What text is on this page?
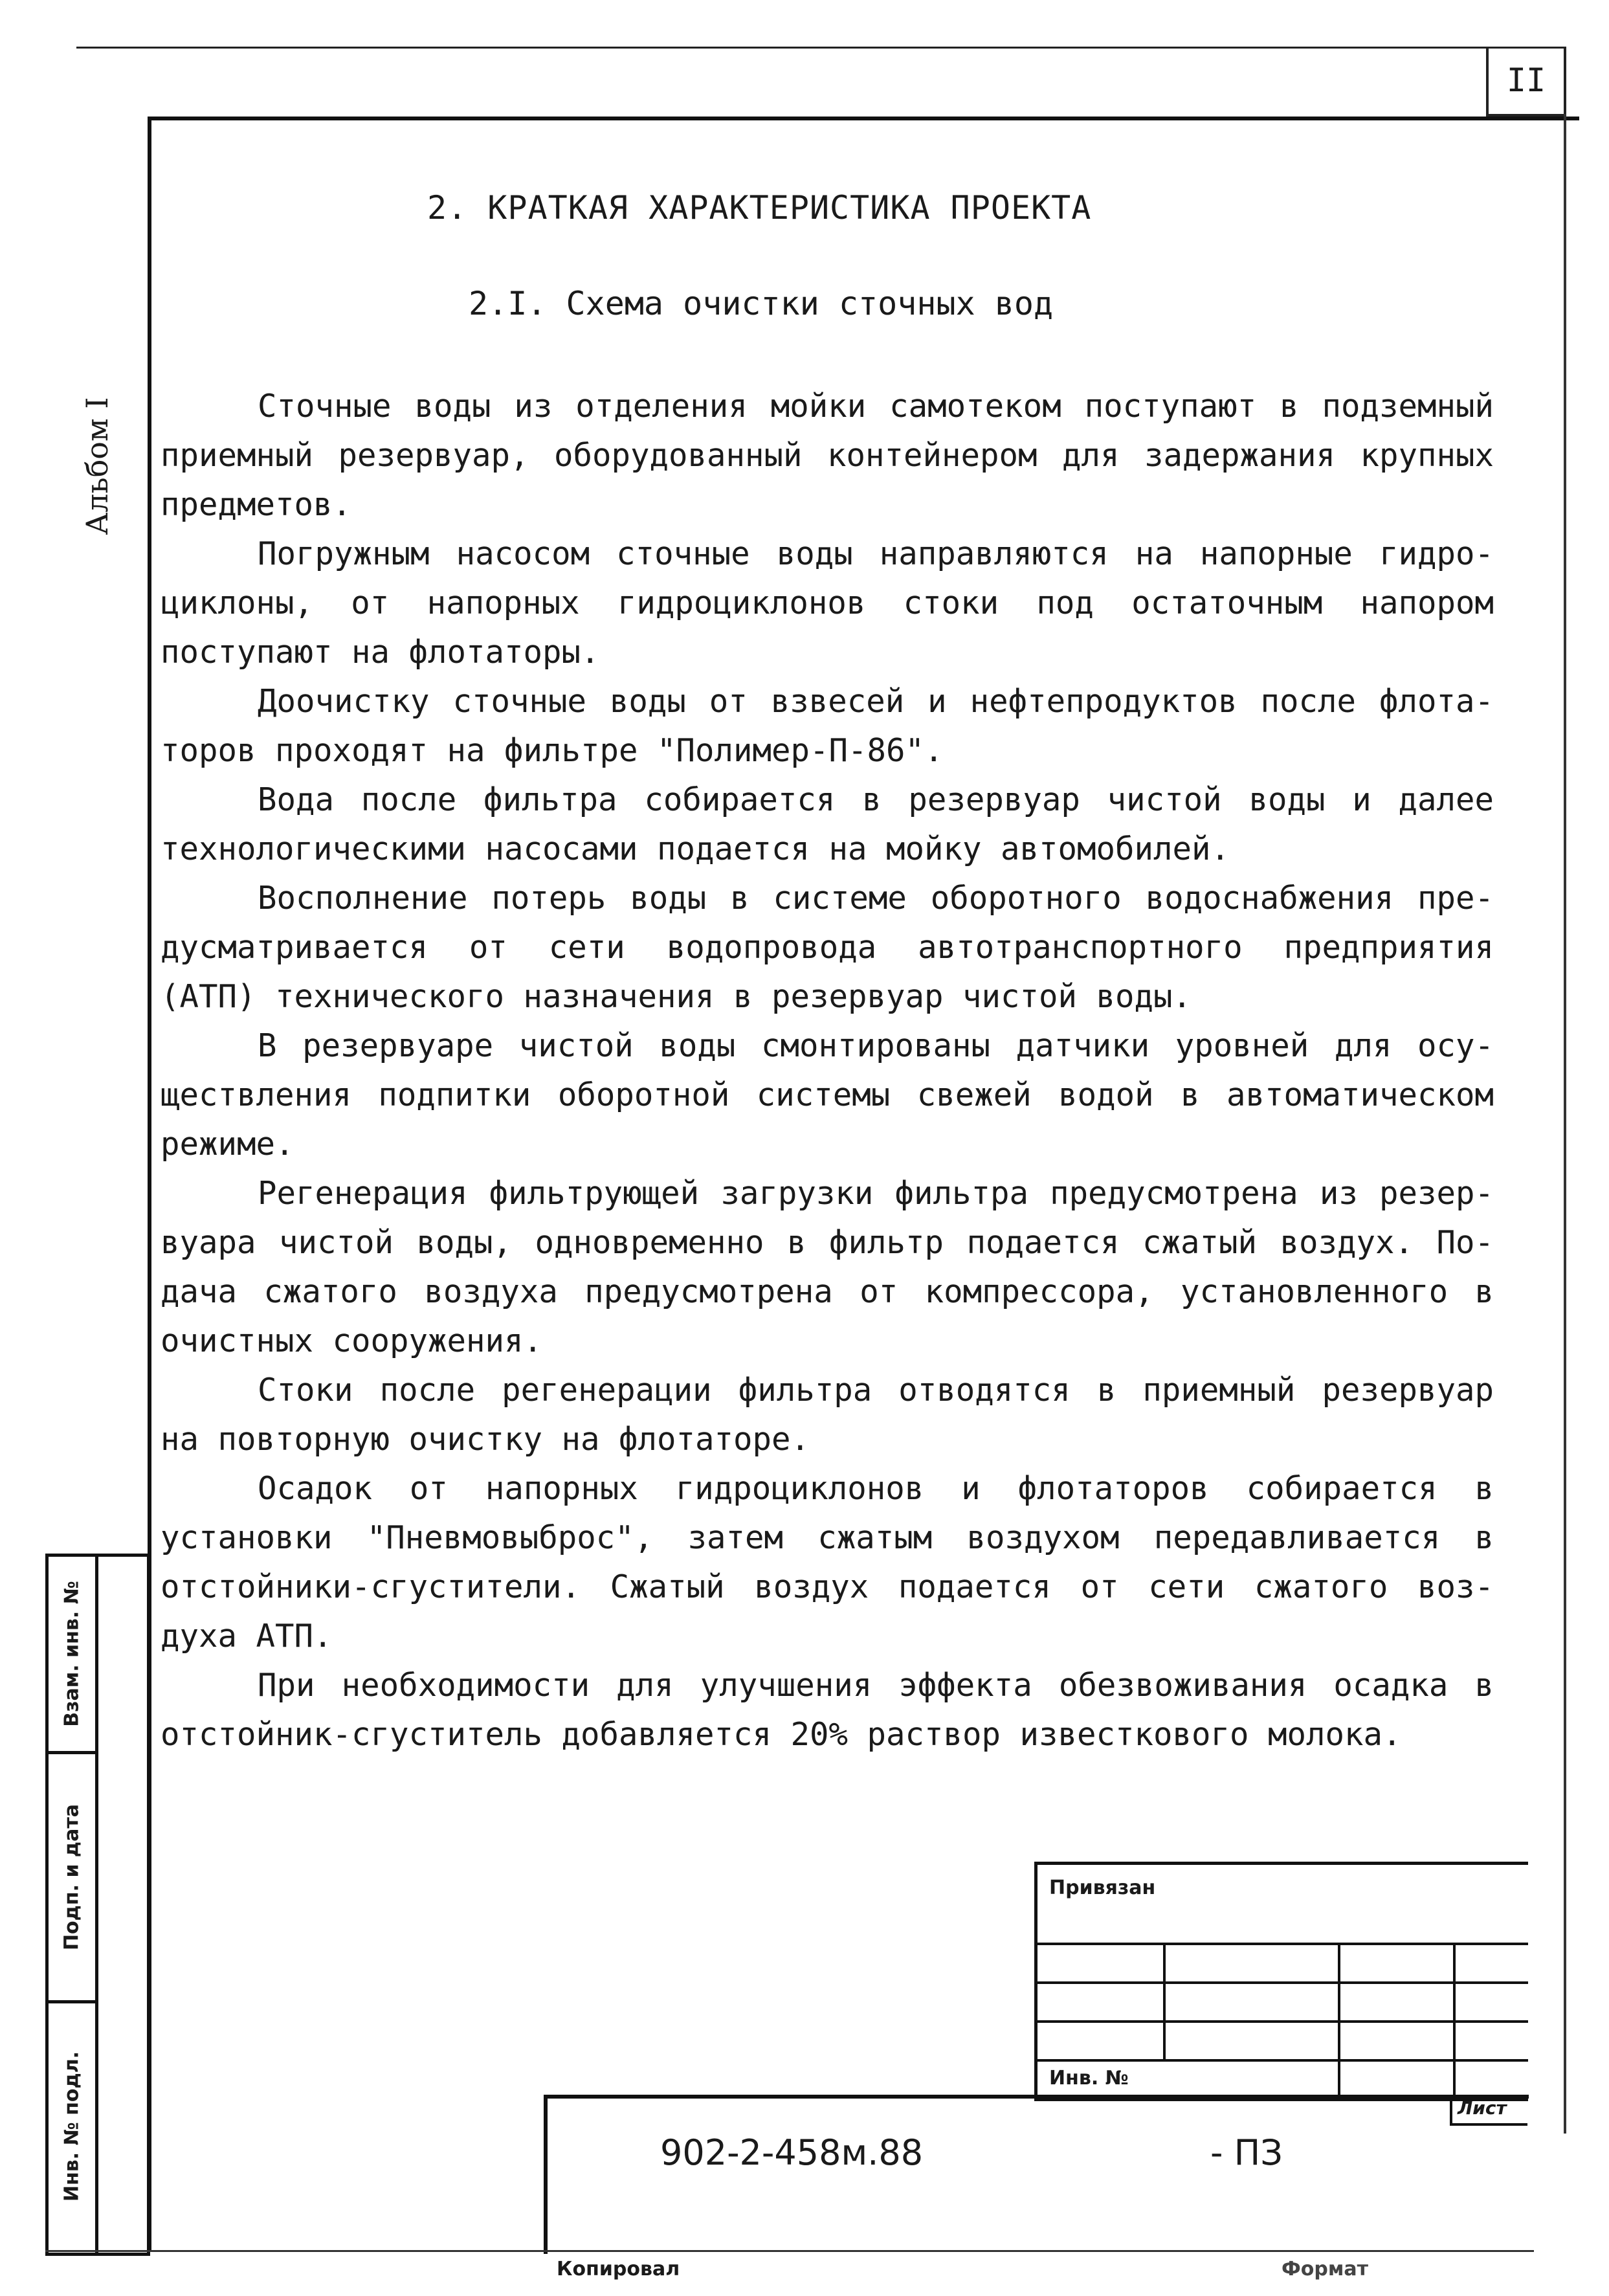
II
Альбом I
Взам. инв. №
Подп. и дата
Инв. № подл.
2. КРАТКАЯ ХАРАКТЕРИСТИКА ПРОЕКТА
2.I. Схема очистки сточных вод

Сточные воды из отделения мойки самотеком поступают в подземный приемный резервуар, оборудованный контейнером для задержания крупных предметов.

Погружным насосом сточные воды направляются на напорные гидро-циклоны, от напорных гидроциклонов стоки под остаточным напором поступают на флотаторы.

Доочистку сточные воды от взвесей и нефтепродуктов после флота-торов проходят на фильтре "Полимер-П-86".

Вода после фильтра собирается в резервуар чистой воды и далее технологическими насосами подается на мойку автомобилей.

Восполнение потерь воды в системе оборотного водоснабжения пре-дусматривается от сети водопровода автотранспортного предприятия (АТП) технического назначения в резервуар чистой воды.

В резервуаре чистой воды смонтированы датчики уровней для осу-ществления подпитки оборотной системы свежей водой в автоматическом режиме.

Регенерация фильтрующей загрузки фильтра предусмотрена из резер-вуара чистой воды, одновременно в фильтр подается сжатый воздух. По-дача сжатого воздуха предусмотрена от компрессора, установленного в очистных сооружения.

Стоки после регенерации фильтра отводятся в приемный резервуар на повторную очистку на флотаторе.

Осадок от напорных гидроциклонов и флотаторов собирается в установки "Пневмовыброс", затем сжатым воздухом передавливается в отстойники-сгустители. Сжатый воздух подается от сети сжатого воз-духа АТП.

При необходимости для улучшения эффекта обезвоживания осадка в отстойник-сгуститель добавляется 20% раствор известкового молока.

Привязан
Инв. №
902-2-458м.88	- ПЗ
Лист
Копировал	Формат
